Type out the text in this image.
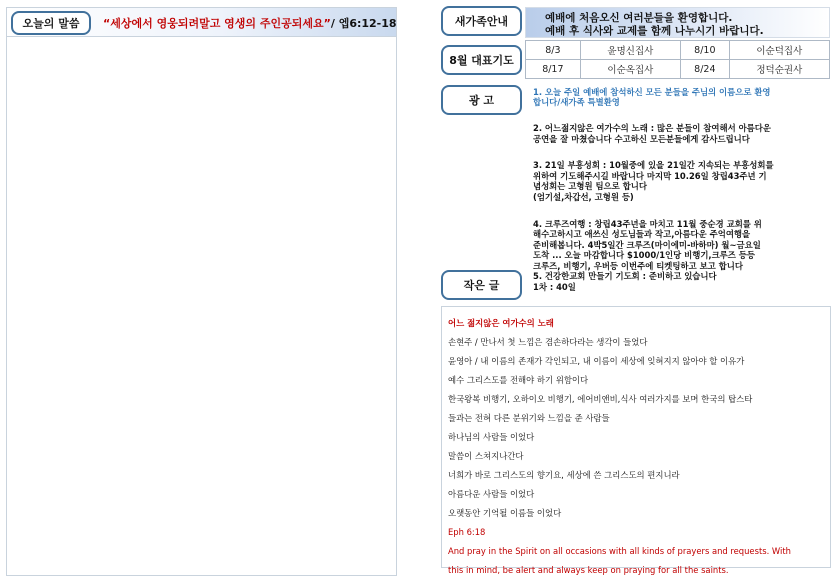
오늘의 말씀	“세상에서 영웅되려말고 영생의 주인공되세요”/ 엡6:12-18	새가족안내	예배에 처음오신 여러분들을 환영합니다.
예배 후 식사와 교제를 함께 나누시기 바랍니다.
8월 대표기도
8/3	윤명신집사	8/10	이순덕집사
8/17	이순옥집사	8/24	정덕순권사
광 고
1. 오늘 주일 예배에 참석하신 모든 분들을 주님의 이름으로 환영
합니다/새가족 특별환영
2. 어느젊지않은 여가수의 노래 : 많은 분들이 참여해서 아름다운
공연을 잘 마쳤습니다 수고하신 모든분들에게 감사드립니다
3. 21일 부흥성회 : 10월중에 있을 21일간 지속되는 부흥성회를
위하여 기도해주시길 바랍니다 마지막 10.26일 창립43주년 기
념성회는 고형원 팀으로 합니다
(엄기설,차갑선, 고형원 등)
4. 크루즈여행 : 창립43주년을 마치고 11월 중순경 교회를 위
해수고하시고 애쓰신 성도님들과 작고,아름다운 주억여행을
준비해봅니다. 4박5일간 크루즈(마이에미-바하마) 월~금요일
도착 ... 오늘 마감합니다 $1000/1인당 비행기,크루즈 등등
크루즈, 비행기, 우버등 이번주에 티켓팅하고 보고 합니다
5. 건강한교회 만들기 기도회 : 준비하고 있습니다
1차 : 40일
작은 글
어느 젊지않은 여가수의 노래
손현주 / 만나서 첫 느낌은 겸손하다라는 생각이 들었다
윤영아 / 내 이름의 존재가 각인되고, 내 이름이 세상에 잊혀지지 않아야 할 이유가
예수 그리스도를 전해야 하기 위함이다
한국왕복 비행기, 오하이오 비행기, 에어비앤비,식사 여러가지를 보며 한국의 탑스타
들과는 전혀 다른 분위기와 느낌을 준 사람들
하나님의 사람들 이었다
말씀이 스쳐지나간다
너희가 바로 그리스도의 향기요, 세상에 쓴 그리스도의 편지니라
아름다운 사람들 이었다
오랫동안 기억될 이름들 이었다
Eph 6:18
And pray in the Spirit on all occasions with all kinds of prayers and requests. With
this in mind, be alert and always keep on praying for all the saints.
